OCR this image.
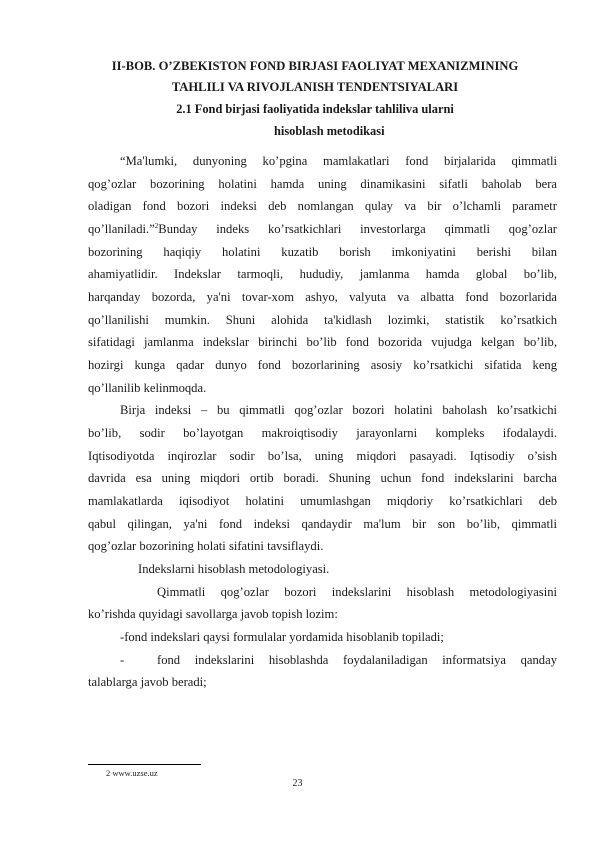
II-BOB. O’ZBEKISTON FOND BIRJASI FAOLIYAT MEXANIZMINING
TAHLILI VA RIVOJLANISH TENDENTSIYALARI
2.1 Fond birjasi faoliyatida indekslar tahliliva ularni
hisoblash metodikasi
“Ma'lumki, dunyoning ko’pgina mamlakatlari fond birjalarida qimmatli
qog’ozlar bozorining holatini hamda uning dinamikasini sifatli baholab bera
oladigan fond bozori indeksi deb nomlangan qulay va bir o’lchamli parametr
qo’llaniladi.”$^2$ Bunday indeks ko’rsatkichlari investorlarga qimmatli qog’ozlar
bozorining haqiqiy holatini kuzatib borish imkoniyatini berishi bilan
ahamiyatlidir. Indekslar tarmoqli, hududiy, jamlanma hamda global bo’lib,
harqanday bozorda, ya'ni tovar-xom ashyo, valyuta va albatta fond bozorlarida
qo’llanilishi mumkin. Shuni alohida ta'kidlash lozimki, statistik ko’rsatkich
sifatidagi jamlanma indekslar birinchi bo’lib fond bozorida vujudga kelgan bo’lib,
hozirgi kunga qadar dunyo fond bozorlarining asosiy ko’rsatkichi sifatida keng
qo’llanilib kelinmoqda.
Birja indeksi – bu qimmatli qog’ozlar bozori holatini baholash ko’rsatkichi
bo’lib, sodir bo’layotgan makroiqtisodiy jarayonlarni kompleks ifodalaydi.
Iqtisodiyotda inqirozlar sodir bo’lsa, uning miqdori pasayadi. Iqtisodiy o’sish
davrida esa uning miqdori ortib boradi. Shuning uchun fond indekslarini barcha
mamlakatlarda iqisodiyot holatini umumlashgan miqdoriy ko’rsatkichlari deb
qabul qilingan, ya'ni fond indeksi qandaydir ma'lum bir son bo’lib, qimmatli
qog’ozlar bozorining holati sifatini tavsiflaydi.
Indekslarni hisoblash metodologiyasi.
Qimmatli qog’ozlar bozori indekslarini hisoblash metodologiyasini
ko’rishda quyidagi savollarga javob topish lozim:
-fond indekslari qaysi formulalar yordamida hisoblanib topiladi;
-	fond indekslarini hisoblashda foydalaniladigan informatsiya qanday
talablarga javob beradi;
2 www.uzse.uz
23
